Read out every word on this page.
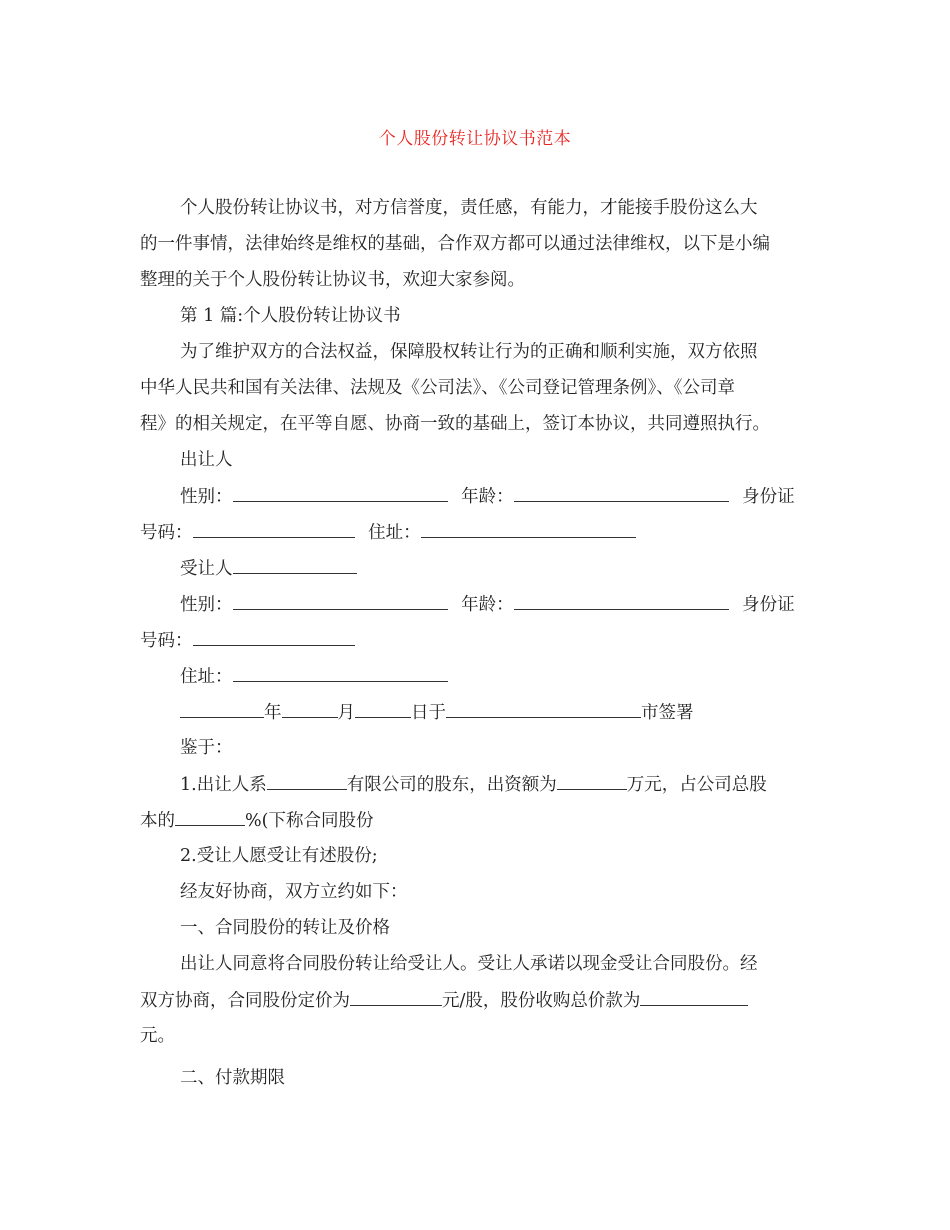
个人股份转让协议书范本
个人股份转让协议书，对方信誉度，责任感，有能力，才能接手股份这么大
的一件事情，法律始终是维权的基础，合作双方都可以通过法律维权，以下是小编
整理的关于个人股份转让协议书，欢迎大家参阅。
第 1 篇:个人股份转让协议书
为了维护双方的合法权益，保障股权转让行为的正确和顺利实施，双方依照
中华人民共和国有关法律、法规及《公司法》、《公司登记管理条例》、《公司章
程》的相关规定，在平等自愿、协商一致的基础上，签订本协议，共同遵照执行。
出让人
性别：	年龄：	身份证
号码：	住址：
受让人
性别：	年龄：	身份证
号码：
住址：
年	月	日于	市签署
鉴于：
1.出让人系	有限公司的股东，出资额为	万元，占公司总股
本的	%(下称合同股份
2.受让人愿受让有述股份;
经友好协商，双方立约如下：
一、合同股份的转让及价格
出让人同意将合同股份转让给受让人。受让人承诺以现金受让合同股份。经
双方协商，合同股份定价为	元/股，股份收购总价款为
元。
二、付款期限
